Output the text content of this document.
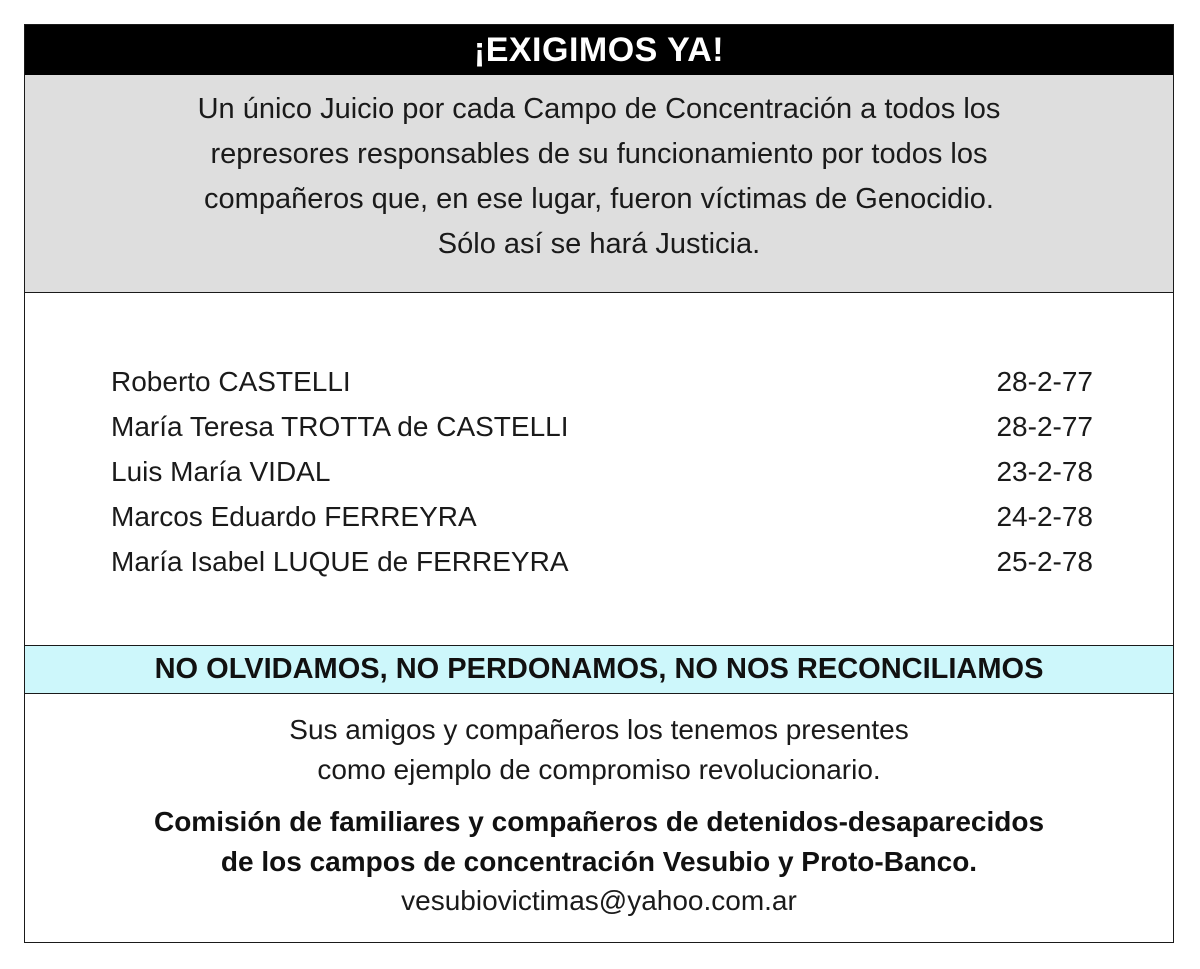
¡EXIGIMOS YA!
Un único Juicio por cada Campo de Concentración a todos los
represores responsables de su funcionamiento por todos los
compañeros que, en ese lugar, fueron víctimas de Genocidio.
Sólo así se hará Justicia.
Roberto CASTELLI	28-2-77
María Teresa TROTTA de CASTELLI	28-2-77
Luis María VIDAL	23-2-78
Marcos Eduardo FERREYRA	24-2-78
María Isabel LUQUE de FERREYRA	25-2-78
NO OLVIDAMOS, NO PERDONAMOS, NO NOS RECONCILIAMOS
Sus amigos y compañeros los tenemos presentes
como ejemplo de compromiso revolucionario.
Comisión de familiares y compañeros de detenidos-desaparecidos
de los campos de concentración Vesubio y Proto-Banco.
vesubiovictimas@yahoo.com.ar
